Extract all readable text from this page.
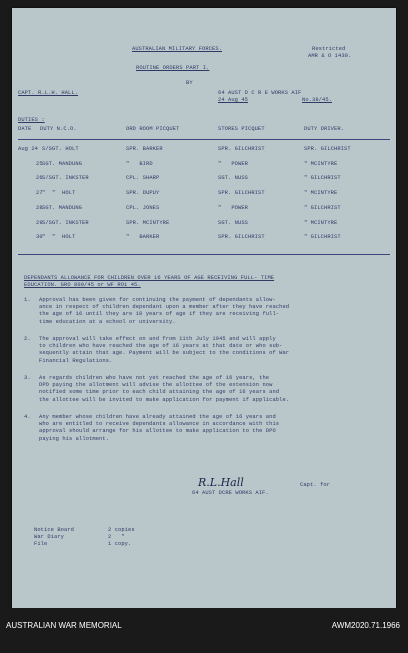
AUSTRALIAN MILITARY FORCES.	Restricted
AMR & O 1430.
ROUTINE ORDERS PART I.
BY
CAPT. R.L.H. HALL.	64 AUST D C R E WORKS AIF
24 Aug 45	No.38/45.
DUTIES :
DATE	DUTY N.C.O.	ORD ROOM PICQUET	STORES PICQUET	DUTY DRIVER.
Aug 24 S/SGT. HOLT	SPR. BARKER	SPR. GILCHRIST	SPR. GILCHRIST
25 SGT. MANDUNG	"   BIRD	"   POWER	" MCINTYRE
26 S/SGT. INKSTER	CPL. SHARP	SGT. NUSS	" GILCHRIST
27 "  "  HOLT	SPR. DUPUY	SPR. GILCHRIST	" MCINTYRE
28 SGT. MANDUNG	CPL. JONES	"   POWER	" GILCHRIST
29 S/SGT. INKSTER	SPR. MCINTYRE	SGT. NUSS	" MCINTYRE
30 "  "  HOLT	"   BARKER	SPR. GILCHRIST	" GILCHRIST
DEPENDANTS ALLOWANCE FOR CHILDREN OVER 16 YEARS OF AGE RECEIVING FULL- TIME
EDUCATION. GRO 800/45 or WF RO1 45.
1. Approval has been given for continuing the payment of dependants allow-
ance in respect of children dependant upon a member after they have reached
the age of 16 until they are 18 years of age if they are receiving full-
time education at a school or university.
2. The approval will take effect on and from 11th July 1945 and will apply
to children who have reached the age of 16 years at that date or who sub-
sequently attain that age. Payment will be subject to the conditions of War
Financial Regulations.
3. As regards children who have not yet reached the age of 16 years, the
DPO paying the allotment will advise the allottee of the extension now
notified some time prior to each child attaining the age of 16 years and
the allottee will be invited to make application for payment if applicable.
4. Any member whose children have already attained the age of 16 years and
who are entitled to receive dependants allowance in accordance with this
approval should arrange for his allottee to make application to the DPO
paying his allotment.
R.L.Hall	Capt. for
64 AUST DCRE WORKS AIF.
Notice Board	2 copies
War Diary	2   "
File	1 copy.
AUSTRALIAN WAR MEMORIAL	AWM2020.71.1966
